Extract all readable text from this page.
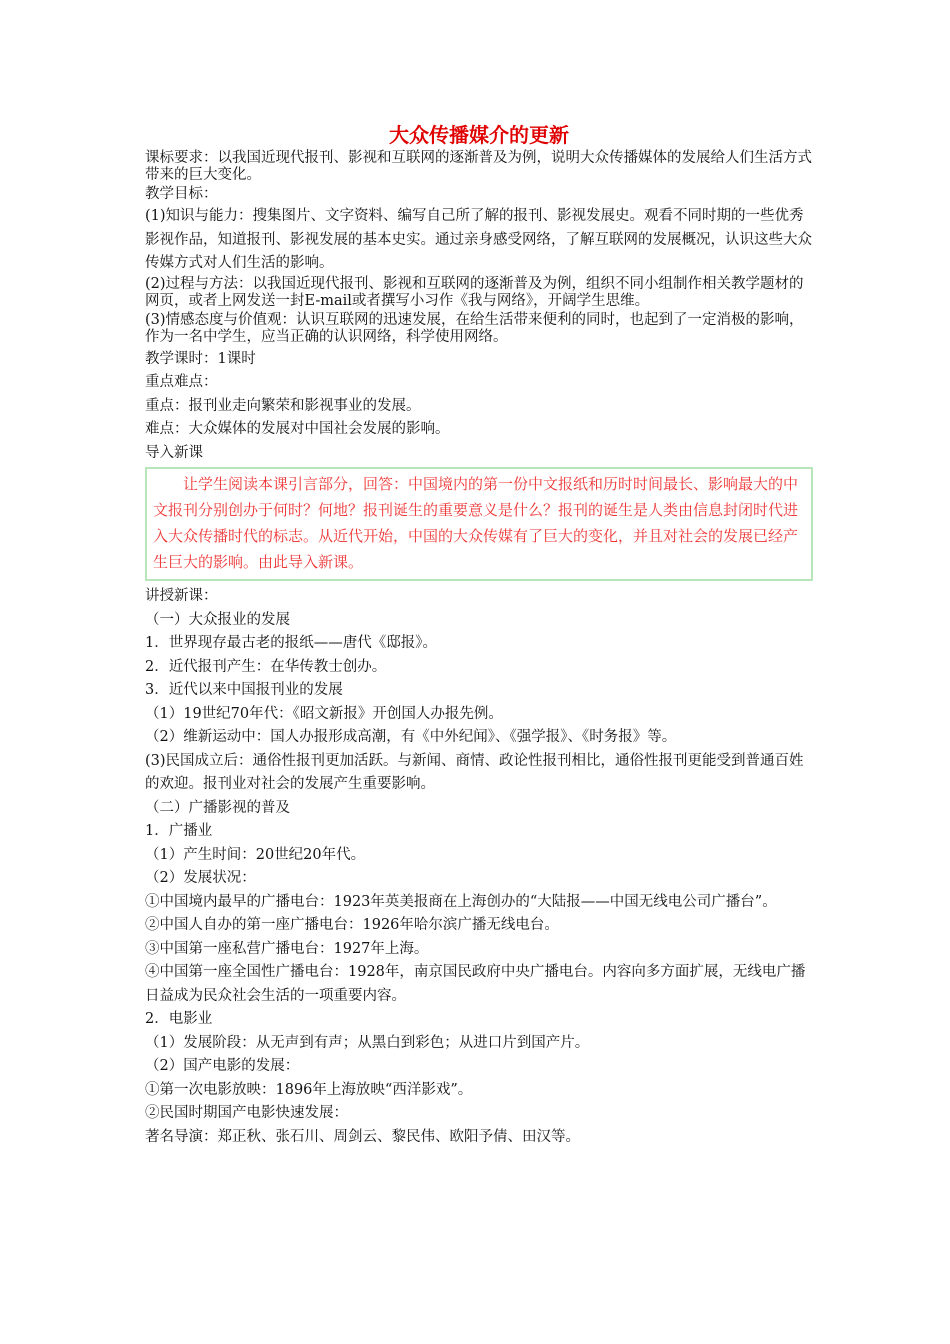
大众传播媒介的更新
课标要求：以我国近现代报刊、影视和互联网的逐渐普及为例，说明大众传播媒体的发展给人们生活方式带来的巨大变化。
教学目标：
(1)知识与能力：搜集图片、文字资料、编写自己所了解的报刊、影视发展史。观看不同时期的一些优秀影视作品，知道报刊、影视发展的基本史实。通过亲身感受网络，了解互联网的发展概况，认识这些大众传媒方式对人们生活的影响。
(2)过程与方法：以我国近现代报刊、影视和互联网的逐渐普及为例，组织不同小组制作相关教学题材的网页，或者上网发送一封E-mail或者撰写小习作《我与网络》，开阔学生思维。
(3)情感态度与价值观：认识互联网的迅速发展，在给生活带来便利的同时，也起到了一定消极的影响，作为一名中学生，应当正确的认识网络，科学使用网络。
教学课时：1课时
重点难点：
重点：报刊业走向繁荣和影视事业的发展。
难点：大众媒体的发展对中国社会发展的影响。
导入新课
让学生阅读本课引言部分，回答：中国境内的第一份中文报纸和历时时间最长、影响最大的中文报刊分别创办于何时？何地？报刊诞生的重要意义是什么？报刊的诞生是人类由信息封闭时代进入大众传播时代的标志。从近代开始，中国的大众传媒有了巨大的变化，并且对社会的发展已经产生巨大的影响。由此导入新课。
讲授新课：
（一）大众报业的发展
1．世界现存最古老的报纸——唐代《邸报》。
2．近代报刊产生：在华传教士创办。
3．近代以来中国报刊业的发展
（1）19世纪70年代：《昭文新报》开创国人办报先例。
（2）维新运动中：国人办报形成高潮，有《中外纪闻》、《强学报》、《时务报》等。
(3)民国成立后：通俗性报刊更加活跃。与新闻、商情、政论性报刊相比，通俗性报刊更能受到普通百姓的欢迎。报刊业对社会的发展产生重要影响。
（二）广播影视的普及
1．广播业
（1）产生时间：20世纪20年代。
（2）发展状况：
①中国境内最早的广播电台：1923年英美报商在上海创办的“大陆报——中国无线电公司广播台”。
②中国人自办的第一座广播电台：1926年哈尔滨广播无线电台。
③中国第一座私营广播电台：1927年上海。
④中国第一座全国性广播电台：1928年，南京国民政府中央广播电台。内容向多方面扩展，无线电广播日益成为民众社会生活的一项重要内容。
2．电影业
（1）发展阶段：从无声到有声；从黑白到彩色；从进口片到国产片。
（2）国产电影的发展：
①第一次电影放映：1896年上海放映“西洋影戏”。
②民国时期国产电影快速发展：
著名导演：郑正秋、张石川、周剑云、黎民伟、欧阳予倩、田汉等。
